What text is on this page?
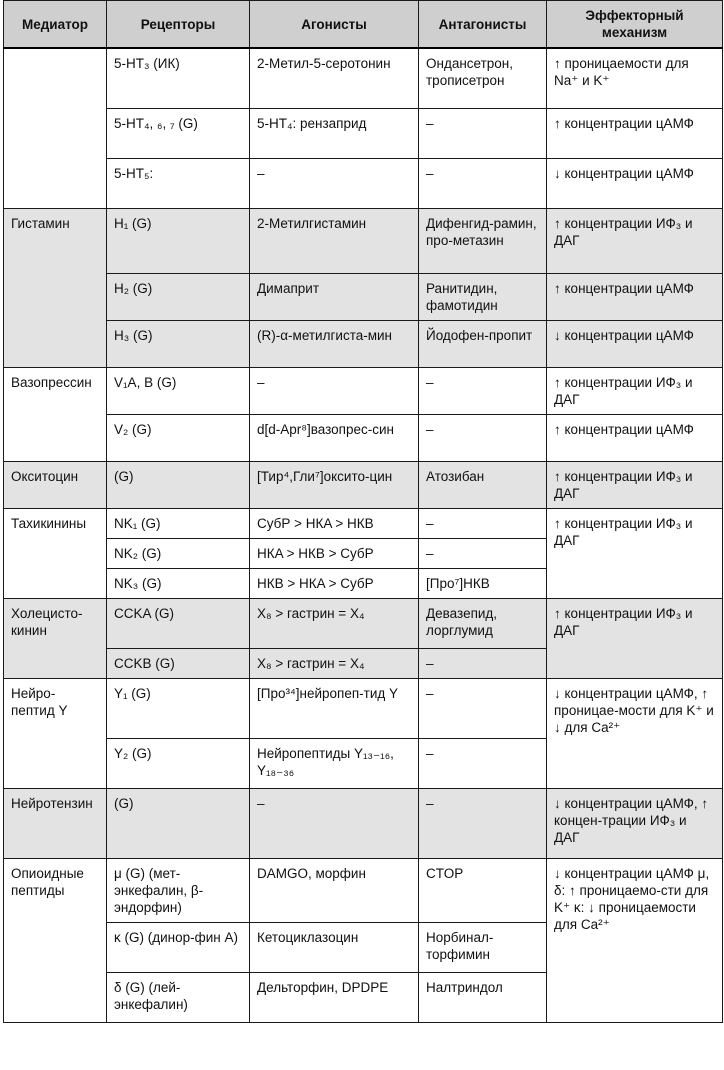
Медиатор	Рецепторы	Агонисты	Антагонисты	Эффекторный механизм
	5-НТ₃ (ИК)	2-Метил-5-серотонин	Ондансетрон, трописетрон	↑ проницаемости для Na⁺ и K⁺
	5-НТ₄, ₆, ₇ (G)	5-НТ₄: рензаприд	–	↑ концентрации цАМФ
	5-НТ₅:	–	–	↓ концентрации цАМФ
Гистамин	Н₁ (G)	2-Метилгистамин	Дифенгид-рамин, про-метазин	↑ концентрации ИФ₃ и ДАГ
	Н₂ (G)	Димаприт	Ранитидин, фамотидин	↑ концентрации цАМФ
	Н₃ (G)	(R)-α-метилгиста-мин	Йодофен-пропит	↓ концентрации цАМФ
Вазопрессин	V₁A, B (G)	–	–	↑ концентрации ИФ₃ и ДАГ
	V₂ (G)	d[d-Apr⁸]вазопрес-син	–	↑ концентрации цАМФ
Окситоцин	(G)	[Тир⁴,Гли⁷]оксито-цин	Атозибан	↑ концентрации ИФ₃ и ДАГ
Тахикинины	NK₁ (G)	СубР > НКA > НКB	–	↑ концентрации ИФ₃ и ДАГ
	NK₂ (G)	НКA > НКB > СубР	–	
	NK₃ (G)	НКB > НКA > СубР	[Про⁷]НКB	
Холецисто-кинин	CCKA (G)	X₈ > гастрин = X₄	Девазепид, лорглумид	↑ концентрации ИФ₃ и ДАГ
	CCKB (G)	X₈ > гастрин = X₄	–	
Нейро-пептид Y	Y₁ (G)	[Про³⁴]нейропеп-тид Y	–	↓ концентрации цАМФ, ↑ проницае-мости для K⁺ и ↓ для Ca²⁺
	Y₂ (G)	Нейропептиды Y₁₃₋₁₆, Y₁₈₋₃₆	–	
Нейротензин	(G)	–	–	↓ концентрации цАМФ, ↑ концен-трации ИФ₃ и ДАГ
Опиоидные пептиды	μ (G) (мет-энкефалин, β-эндорфин)	DAMGO, морфин	CTOP	↓ концентрации цАМФ μ, δ: ↑ проницаемо-сти для K⁺ κ: ↓ проницаемости для Ca²⁺
	κ (G) (динор-фин А)	Кетоциклазоцин	Норбинал-торфимин	
	δ (G) (лей-энкефалин)	Дельторфин, DPDPE	Налтриндол	
